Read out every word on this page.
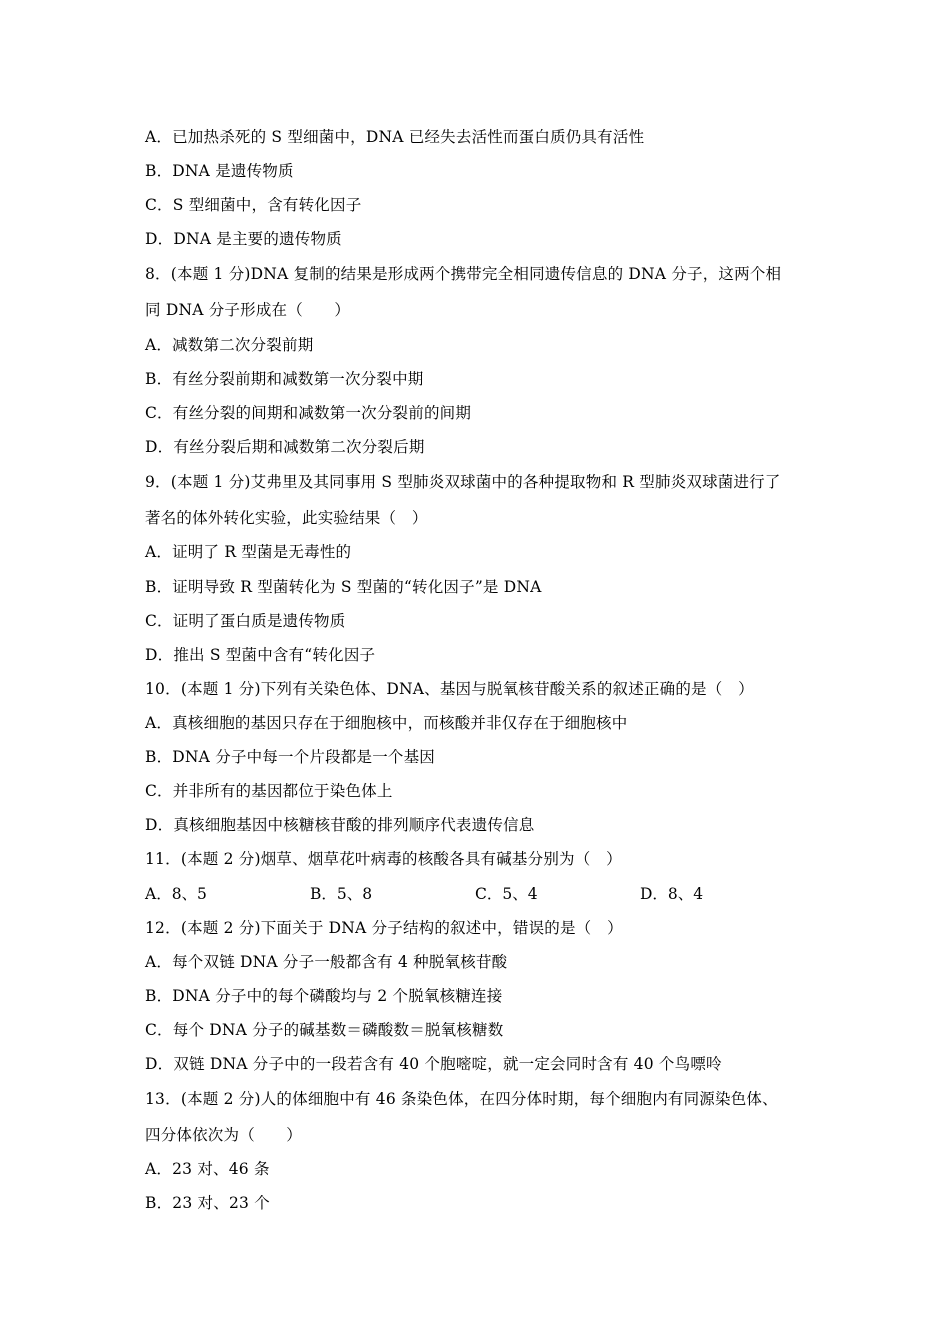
A．已加热杀死的 S 型细菌中，DNA 已经失去活性而蛋白质仍具有活性
B．DNA 是遗传物质
C．S 型细菌中，含有转化因子
D．DNA 是主要的遗传物质
8．(本题 1 分)DNA 复制的结果是形成两个携带完全相同遗传信息的 DNA 分子，这两个相
同 DNA 分子形成在（　　）
A．减数第二次分裂前期
B．有丝分裂前期和减数第一次分裂中期
C．有丝分裂的间期和减数第一次分裂前的间期
D．有丝分裂后期和减数第二次分裂后期
9．(本题 1 分)艾弗里及其同事用 S 型肺炎双球菌中的各种提取物和 R 型肺炎双球菌进行了
著名的体外转化实验，此实验结果（　）
A．证明了 R 型菌是无毒性的
B．证明导致 R 型菌转化为 S 型菌的“转化因子”是 DNA
C．证明了蛋白质是遗传物质
D．推出 S 型菌中含有“转化因子
10．(本题 1 分)下列有关染色体、DNA、基因与脱氧核苷酸关系的叙述正确的是（　）
A．真核细胞的基因只存在于细胞核中，而核酸并非仅存在于细胞核中
B．DNA 分子中每一个片段都是一个基因
C．并非所有的基因都位于染色体上
D．真核细胞基因中核糖核苷酸的排列顺序代表遗传信息
11．(本题 2 分)烟草、烟草花叶病毒的核酸各具有碱基分别为（　）
A．8、5	B．5、8	C．5、4	D．8、4
12．(本题 2 分)下面关于 DNA 分子结构的叙述中，错误的是（　）
A．每个双链 DNA 分子一般都含有 4 种脱氧核苷酸
B．DNA 分子中的每个磷酸均与 2 个脱氧核糖连接
C．每个 DNA 分子的碱基数＝磷酸数＝脱氧核糖数
D．双链 DNA 分子中的一段若含有 40 个胞嘧啶，就一定会同时含有 40 个鸟嘌呤
13．(本题 2 分)人的体细胞中有 46 条染色体，在四分体时期，每个细胞内有同源染色体、
四分体依次为（　　）
A．23 对、46 条
B．23 对、23 个
